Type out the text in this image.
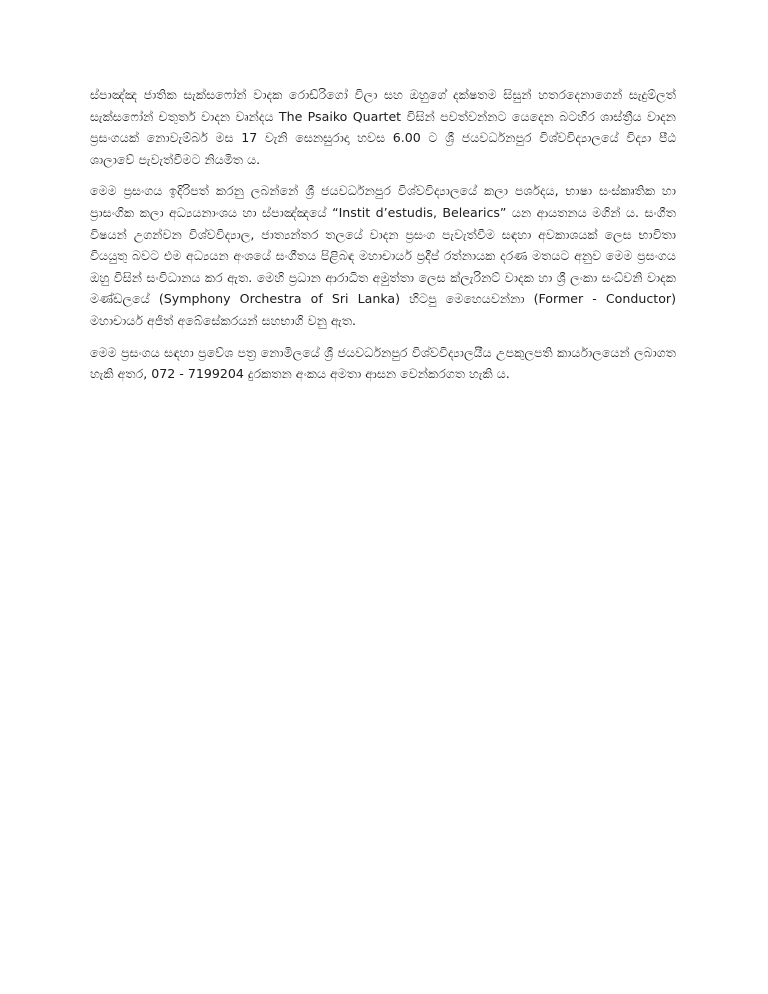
ස්පාඤ්ඤ ජාතික සැක්සෆෝන් වාදක රොඩ්රිගෝ විලා සහ ඔහුගේ දක්ෂතම සිසුන් හතරදෙනාගෙන් සැදුම්ලත් සැක්සෆෝන් චතුර්ත වාදන වෘන්දය The Psaiko Quartet විසින් පවත්වන්නට යෙදෙන බටහිර ශාස්ත්‍රීය වාදන ප්‍රසංගයක් නොවැම්බර් මස 17 වැනි සෙනසුරාදා හවස 6.00 ට ශ්‍රී ජයවර්ධනපුර විශ්වවිද්‍යාලයේ විද්‍යා පීඨ ශාලාවේ පැවැත්වීමට නියමිත ය.

මෙම ප්‍රසංගය ඉදිරිපත් කරනු ලබන්නේ ශ්‍රී ජයවර්ධනපුර විශ්වවිද්‍යාලයේ කලා පර්ශදය, භාෂා සංස්කෘතික හා ප්‍රාසංගික කලා අධ්‍යයනාංශය හා ස්පාඤ්ඤයේ “Instit d’estudis, Belearics” යන ආයතනය මගින් ය. සංගීත විෂයන් උගන්වන විශ්වවිද්‍යාල, ජාත්‍යන්තර තලයේ වාදන ප්‍රසංග පැවැත්වීම සඳහා අවකාශයක් ලෙස භාවිතා වියයුතු බවට එම අධ්‍යයන අංශයේ සංගීතය පිළිබඳ මහාචාර්ය ප්‍රදීප් රත්නායක දරණ මතයට අනුව මෙම ප්‍රසංගය ඔහු විසින් සංවිධානය කර ඇත. මෙහි ප්‍රධාන ආරාධිත අමුත්තා ලෙස ක්ලැරිනට් වාදක හා ශ්‍රී ලංකා සංධ්වනි වාදක මණ්ඩලයේ (Symphony Orchestra of Sri Lanka) හිටපු මෙහෙයවන්නා (Former - Conductor) මහාචාර්ය අජිත් අබේසේකරයන් සහභාගි වනු ඇත.

මෙම ප්‍රසංගය සඳහා ප්‍රවේශ පත්‍ර නොමිලයේ ශ්‍රී ජයවර්ධනපුර විශ්වවිද්‍යාලයීය උපකුලපති කාර්යාලයෙන් ලබාගත හැකි අතර, 072 - 7199204 දුරකතන අංකය අමතා ආසන වෙන්කරගත හැකි ය.
